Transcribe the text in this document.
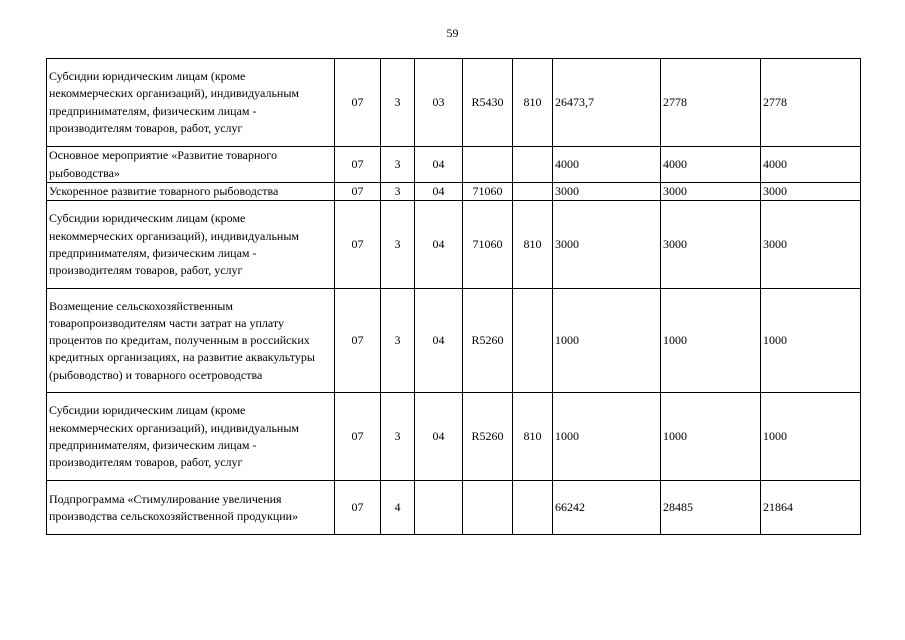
59
Субсидии юридическим лицам (кроме некоммерческих организаций), индивидуальным предпринимателям, физическим лицам - производителям товаров, работ, услуг	07	3	03	R5430	810	26473,7	2778	2778
Основное мероприятие «Развитие товарного рыбоводства»	07	3	04			4000	4000	4000
Ускоренное развитие товарного рыбоводства	07	3	04	71060		3000	3000	3000
Субсидии юридическим лицам (кроме некоммерческих организаций), индивидуальным предпринимателям, физическим лицам - производителям товаров, работ, услуг	07	3	04	71060	810	3000	3000	3000
Возмещение сельскохозяйственным товаропроизводителям части затрат на уплату процентов по кредитам, полученным в российских кредитных организациях, на развитие аквакультуры (рыбоводство) и товарного осетроводства	07	3	04	R5260		1000	1000	1000
Субсидии юридическим лицам (кроме некоммерческих организаций), индивидуальным предпринимателям, физическим лицам - производителям товаров, работ, услуг	07	3	04	R5260	810	1000	1000	1000
Подпрограмма «Стимулирование увеличения производства сельскохозяйственной продукции»	07	4				66242	28485	21864
